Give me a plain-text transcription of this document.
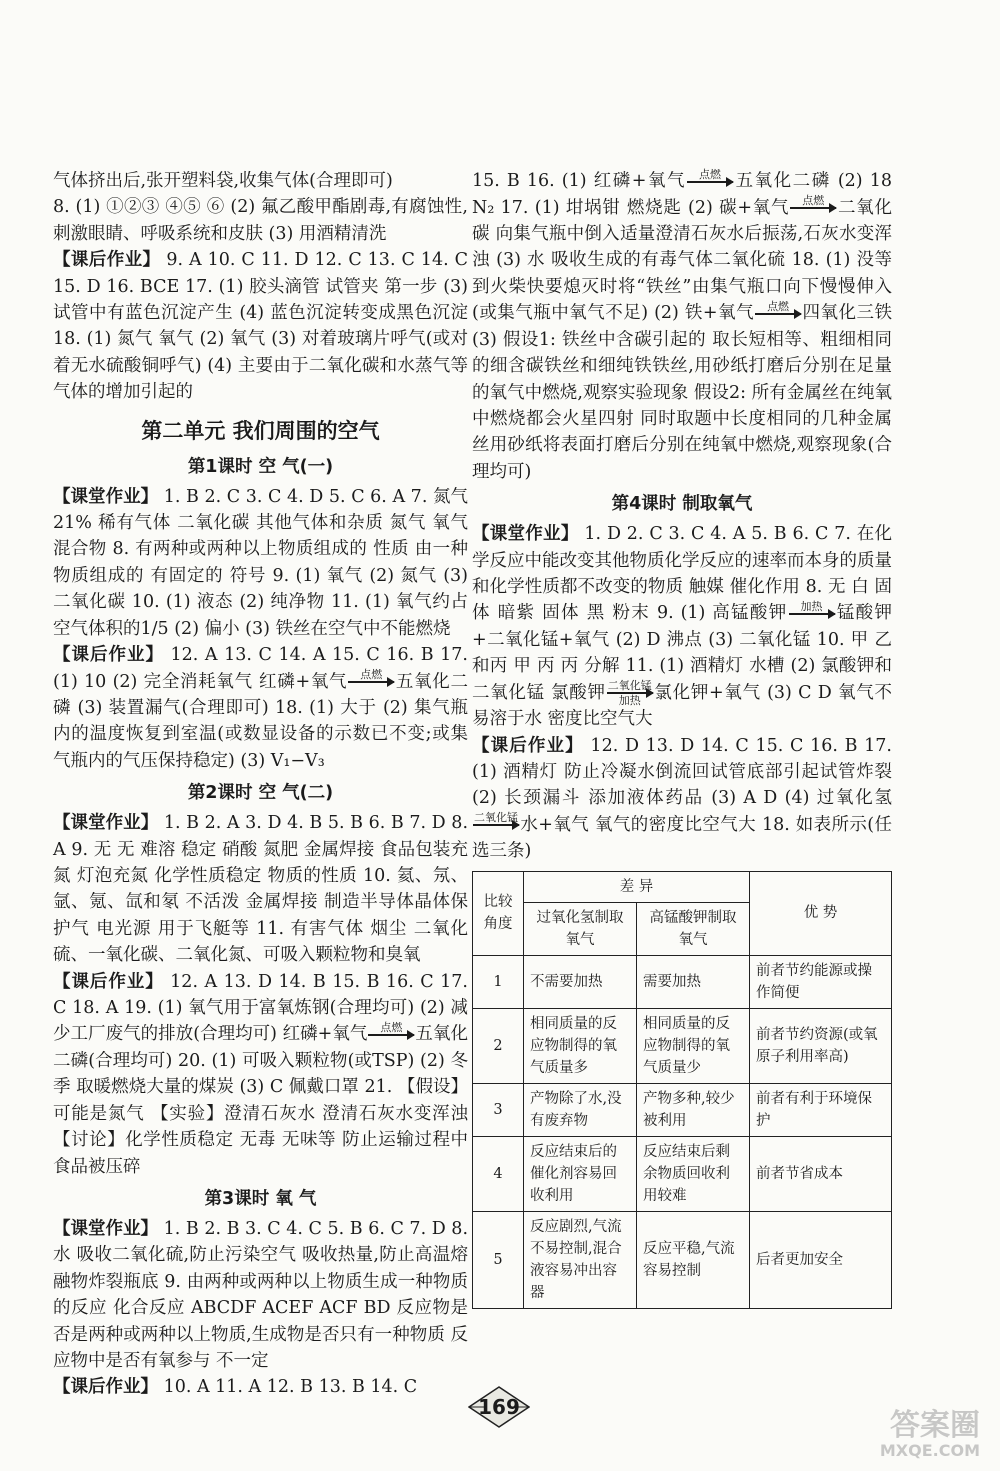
气体挤出后,张开塑料袋,收集气体(合理即可)

8. (1) ①②③ ④⑤ ⑥ (2) 氟乙酸甲酯剧毒,有腐蚀性,刺激眼睛、呼吸系统和皮肤 (3) 用酒精清洗

【课后作业】 9. A 10. C 11. D 12. C 13. C 14. C 15. D 16. BCE 17. (1) 胶头滴管 试管夹 第一步 (3) 试管中有蓝色沉淀产生 (4) 蓝色沉淀转变成黑色沉淀 18. (1) 氮气 氧气 (2) 氧气 (3) 对着玻璃片呼气(或对着无水硫酸铜呼气) (4) 主要由于二氧化碳和水蒸气等气体的增加引起的

第二单元 我们周围的空气
第1课时 空 气(一)

【课堂作业】 1. B 2. C 3. C 4. D 5. C 6. A 7. 氮气 21% 稀有气体 二氧化碳 其他气体和杂质 氮气 氧气 混合物 8. 有两种或两种以上物质组成的 性质 由一种物质组成的 有固定的 符号 9. (1) 氧气 (2) 氮气 (3) 二氧化碳 10. (1) 液态 (2) 纯净物 11. (1) 氧气约占空气体积的1/5 (2) 偏小 (3) 铁丝在空气中不能燃烧

【课后作业】 12. A 13. C 14. A 15. C 16. B 17. (1) 10 (2) 完全消耗氧气 红磷+氧气 点燃 五氧化二磷 (3) 装置漏气(合理即可) 18. (1) 大于 (2) 集气瓶内的温度恢复到室温(或数显设备的示数已不变;或集气瓶内的气压保持稳定) (3) V₁−V₃

第2课时 空 气(二)

【课堂作业】 1. B 2. A 3. D 4. B 5. B 6. B 7. D 8. A 9. 无 无 难溶 稳定 硝酸 氮肥 金属焊接 食品包装充氮 灯泡充氮 化学性质稳定 物质的性质 10. 氦、氖、氩、氪、氙和氡 不活泼 金属焊接 制造半导体晶体保护气 电光源 用于飞艇等 11. 有害气体 烟尘 二氧化硫、一氧化碳、二氧化氮、可吸入颗粒物和臭氧

【课后作业】 12. A 13. D 14. B 15. B 16. C 17. C 18. A 19. (1) 氧气用于富氧炼钢(合理均可) (2) 减少工厂废气的排放(合理均可) 红磷+氧气 点燃 五氧化二磷(合理均可) 20. (1) 可吸入颗粒物(或TSP) (2) 冬季 取暖燃烧大量的煤炭 (3) C 佩戴口罩 21. 【假设】可能是氮气 【实验】澄清石灰水 澄清石灰水变浑浊 【讨论】化学性质稳定 无毒 无味等 防止运输过程中食品被压碎

第3课时 氧 气

【课堂作业】 1. B 2. B 3. C 4. C 5. B 6. C 7. D 8. 水 吸收二氧化硫,防止污染空气 吸收热量,防止高温熔融物炸裂瓶底 9. 由两种或两种以上物质生成一种物质的反应 化合反应 ABCDF ACEF ACF BD 反应物是否是两种或两种以上物质,生成物是否只有一种物质 反应物中是否有氧参与 不一定

【课后作业】 10. A 11. A 12. B 13. B 14. C

15. B 16. (1) 红磷+氧气 点燃 五氧化二磷 (2) 18 N₂ 17. (1) 坩埚钳 燃烧匙 (2) 碳+氧气 点燃 二氧化碳 向集气瓶中倒入适量澄清石灰水后振荡,石灰水变浑浊 (3) 水 吸收生成的有毒气体二氧化硫 18. (1) 没等到火柴快要熄灭时将“铁丝”由集气瓶口向下慢慢伸入(或集气瓶中氧气不足) (2) 铁+氧气 点燃 四氧化三铁 (3) 假设1: 铁丝中含碳引起的 取长短相等、粗细相同的细含碳铁丝和细纯铁铁丝,用砂纸打磨后分别在足量的氧气中燃烧,观察实验现象 假设2: 所有金属丝在纯氧中燃烧都会火星四射 同时取题中长度相同的几种金属丝用砂纸将表面打磨后分别在纯氧中燃烧,观察现象(合理均可)

第4课时 制取氧气

【课堂作业】 1. D 2. C 3. C 4. A 5. B 6. C 7. 在化学反应中能改变其他物质化学反应的速率而本身的质量和化学性质都不改变的物质 触媒 催化作用 8. 无 白 固体 暗紫 固体 黑 粉末 9. (1) 高锰酸钾 加热 锰酸钾+二氧化锰+氧气 (2) D 沸点 (3) 二氧化锰 10. 甲 乙和丙 甲 丙 丙 分解 11. (1) 酒精灯 水槽 (2) 氯酸钾和二氧化锰 氯酸钾 二氧化锰
加热 氯化钾+氧气 (3) C D 氧气不易溶于水 密度比空气大

【课后作业】 12. D 13. D 14. C 15. C 16. B 17. (1) 酒精灯 防止冷凝水倒流回试管底部引起试管炸裂 (2) 长颈漏斗 添加液体药品 (3) A D (4) 过氧化氢
二氧化锰 水+氧气 氧气的密度比空气大 18. 如表所示(任选三条)

比较角度	差 异		优 势
	过氧化氢制取氧气	高锰酸钾制取氧气	
1	不需要加热	需要加热	前者节约能源或操作简便
2	相同质量的反应物制得的氧气质量多	相同质量的反应物制得的氧气质量少	前者节约资源(或氧原子利用率高)
3	产物除了水,没有废弃物	产物多种,较少被利用	前者有利于环境保护
4	反应结束后的催化剂容易回收利用	反应结束后剩余物质回收利用较难	前者节省成本
5	反应剧烈,气流不易控制,混合液容易冲出容器	反应平稳,气流容易控制	后者更加安全
169
答案圈
MXQE.COM
